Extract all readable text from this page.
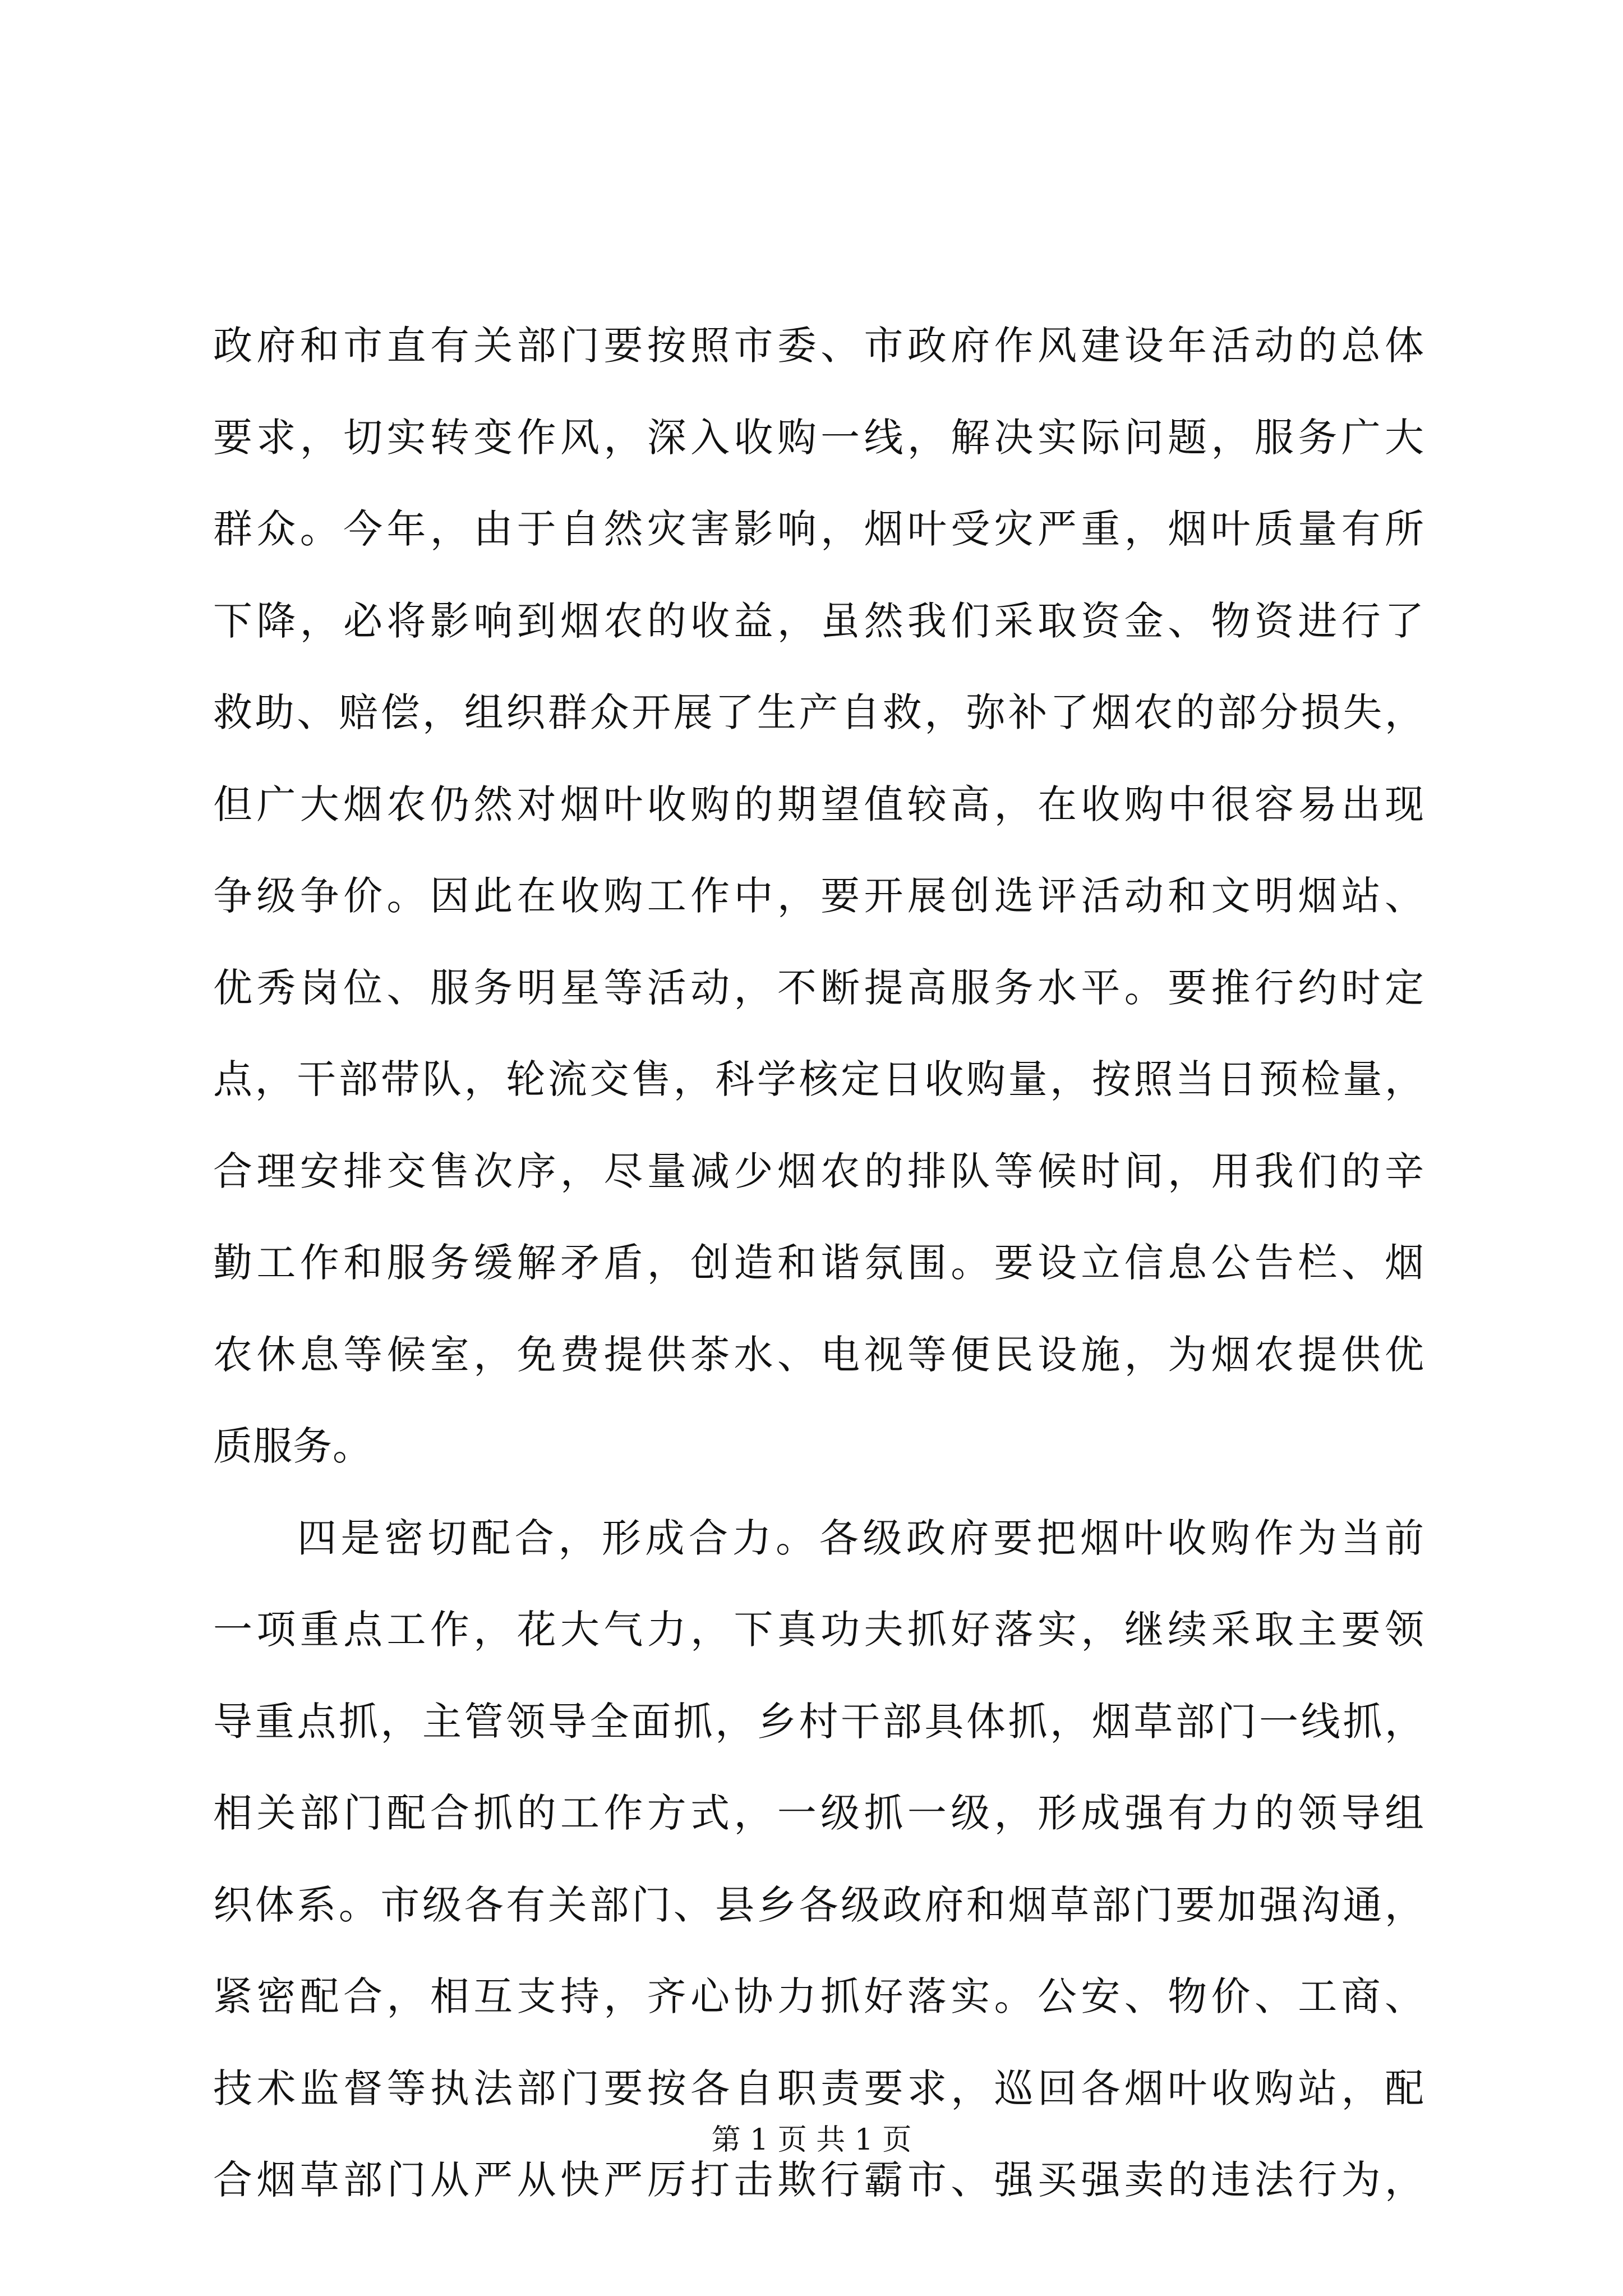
政府和市直有关部门要按照市委、市政府作风建设年活动的总体
要求，切实转变作风，深入收购一线，解决实际问题，服务广大
群众。今年，由于自然灾害影响，烟叶受灾严重，烟叶质量有所
下降，必将影响到烟农的收益，虽然我们采取资金、物资进行了
救助、赔偿，组织群众开展了生产自救，弥补了烟农的部分损失，
但广大烟农仍然对烟叶收购的期望值较高，在收购中很容易出现
争级争价。因此在收购工作中，要开展创选评活动和文明烟站、
优秀岗位、服务明星等活动，不断提高服务水平。要推行约时定
点，干部带队，轮流交售，科学核定日收购量，按照当日预检量，
合理安排交售次序，尽量减少烟农的排队等候时间，用我们的辛
勤工作和服务缓解矛盾，创造和谐氛围。要设立信息公告栏、烟
农休息等候室，免费提供茶水、电视等便民设施，为烟农提供优
质服务。
四是密切配合，形成合力。各级政府要把烟叶收购作为当前
一项重点工作，花大气力，下真功夫抓好落实，继续采取主要领
导重点抓，主管领导全面抓，乡村干部具体抓，烟草部门一线抓，
相关部门配合抓的工作方式，一级抓一级，形成强有力的领导组
织体系。市级各有关部门、县乡各级政府和烟草部门要加强沟通，
紧密配合，相互支持，齐心协力抓好落实。公安、物价、工商、
技术监督等执法部门要按各自职责要求，巡回各烟叶收购站，配
合烟草部门从严从快严厉打击欺行霸市、强买强卖的违法行为，
第 1 页 共 1 页
